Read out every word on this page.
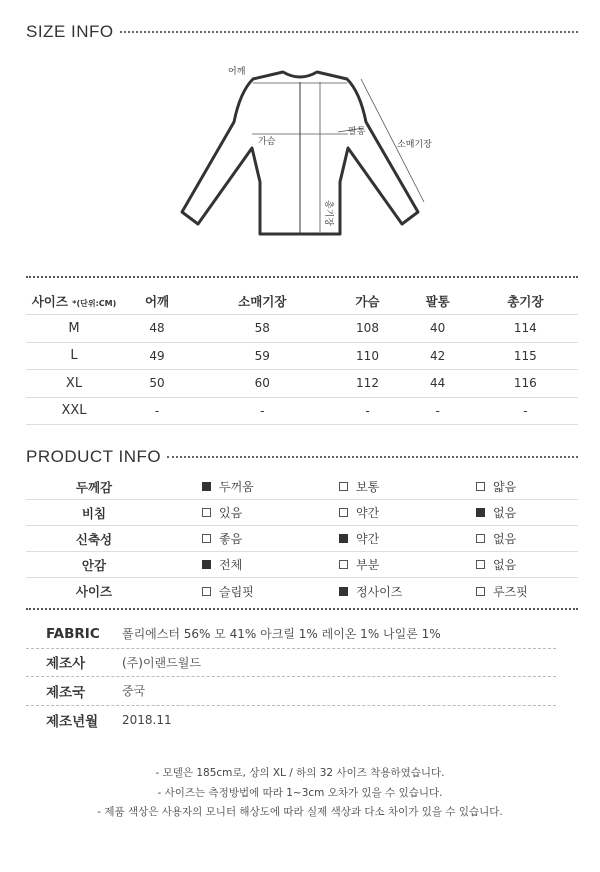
SIZE INFO
어깨
가슴
팔통
소매기장
총기장
사이즈 *(단위:CM)	어깨	소매기장	가슴	팔통	총기장
M	48	58	108	40	114
L	49	59	110	42	115
XL	50	60	112	44	116
XXL	-	-	-	-	-
PRODUCT INFO
두께감	두꺼움	보통	얇음
비침	있음	약간	없음
신축성	좋음	약간	없음
안감	전체	부분	없음
사이즈	슬림핏	정사이즈	루즈핏
FABRIC	폴리에스터 56% 모 41% 아크릴 1% 레이온 1% 나일론 1%
제조사	(주)이랜드월드
제조국	중국
제조년월	2018.11
- 모델은 185cm로, 상의 XL / 하의 32 사이즈 착용하였습니다.
- 사이즈는 측정방법에 따라 1~3cm 오차가 있을 수 있습니다.
- 제품 색상은 사용자의 모니터 해상도에 따라 실제 색상과 다소 차이가 있을 수 있습니다.
